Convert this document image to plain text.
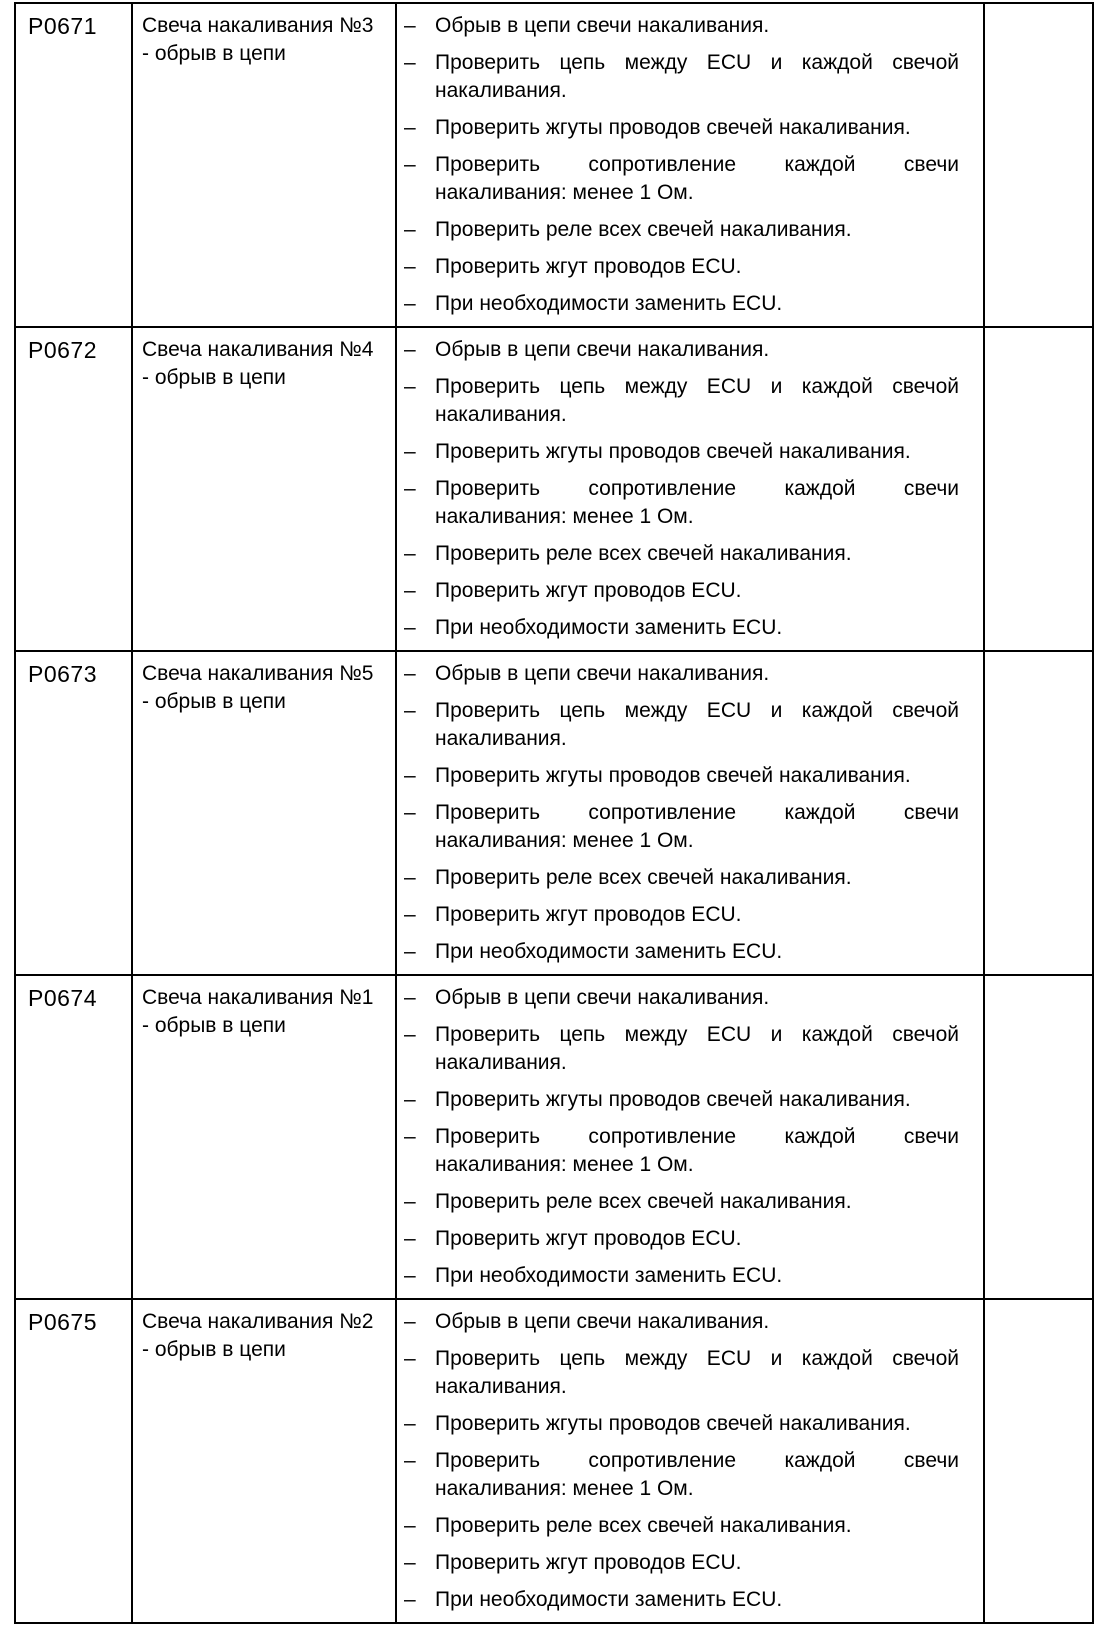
P0671	Свеча накаливания №3
- обрыв в цепи

– Обрыв в цепи свечи накаливания.
– Проверить цепь между ECU и каждой свечой накаливания.
– Проверить жгуты проводов свечей накаливания.
– Проверить сопротивление каждой свечи накаливания: менее 1 Ом.
– Проверить реле всех свечей накаливания.
– Проверить жгут проводов ECU.
– При необходимости заменить ECU.

P0672	Свеча накаливания №4
- обрыв в цепи

– Обрыв в цепи свечи накаливания.
– Проверить цепь между ECU и каждой свечой накаливания.
– Проверить жгуты проводов свечей накаливания.
– Проверить сопротивление каждой свечи накаливания: менее 1 Ом.
– Проверить реле всех свечей накаливания.
– Проверить жгут проводов ECU.
– При необходимости заменить ECU.

P0673	Свеча накаливания №5
- обрыв в цепи

– Обрыв в цепи свечи накаливания.
– Проверить цепь между ECU и каждой свечой накаливания.
– Проверить жгуты проводов свечей накаливания.
– Проверить сопротивление каждой свечи накаливания: менее 1 Ом.
– Проверить реле всех свечей накаливания.
– Проверить жгут проводов ECU.
– При необходимости заменить ECU.

P0674	Свеча накаливания №1
- обрыв в цепи

– Обрыв в цепи свечи накаливания.
– Проверить цепь между ECU и каждой свечой накаливания.
– Проверить жгуты проводов свечей накаливания.
– Проверить сопротивление каждой свечи накаливания: менее 1 Ом.
– Проверить реле всех свечей накаливания.
– Проверить жгут проводов ECU.
– При необходимости заменить ECU.

P0675	Свеча накаливания №2
- обрыв в цепи

– Обрыв в цепи свечи накаливания.
– Проверить цепь между ECU и каждой свечой накаливания.
– Проверить жгуты проводов свечей накаливания.
– Проверить сопротивление каждой свечи накаливания: менее 1 Ом.
– Проверить реле всех свечей накаливания.
– Проверить жгут проводов ECU.
– При необходимости заменить ECU.
